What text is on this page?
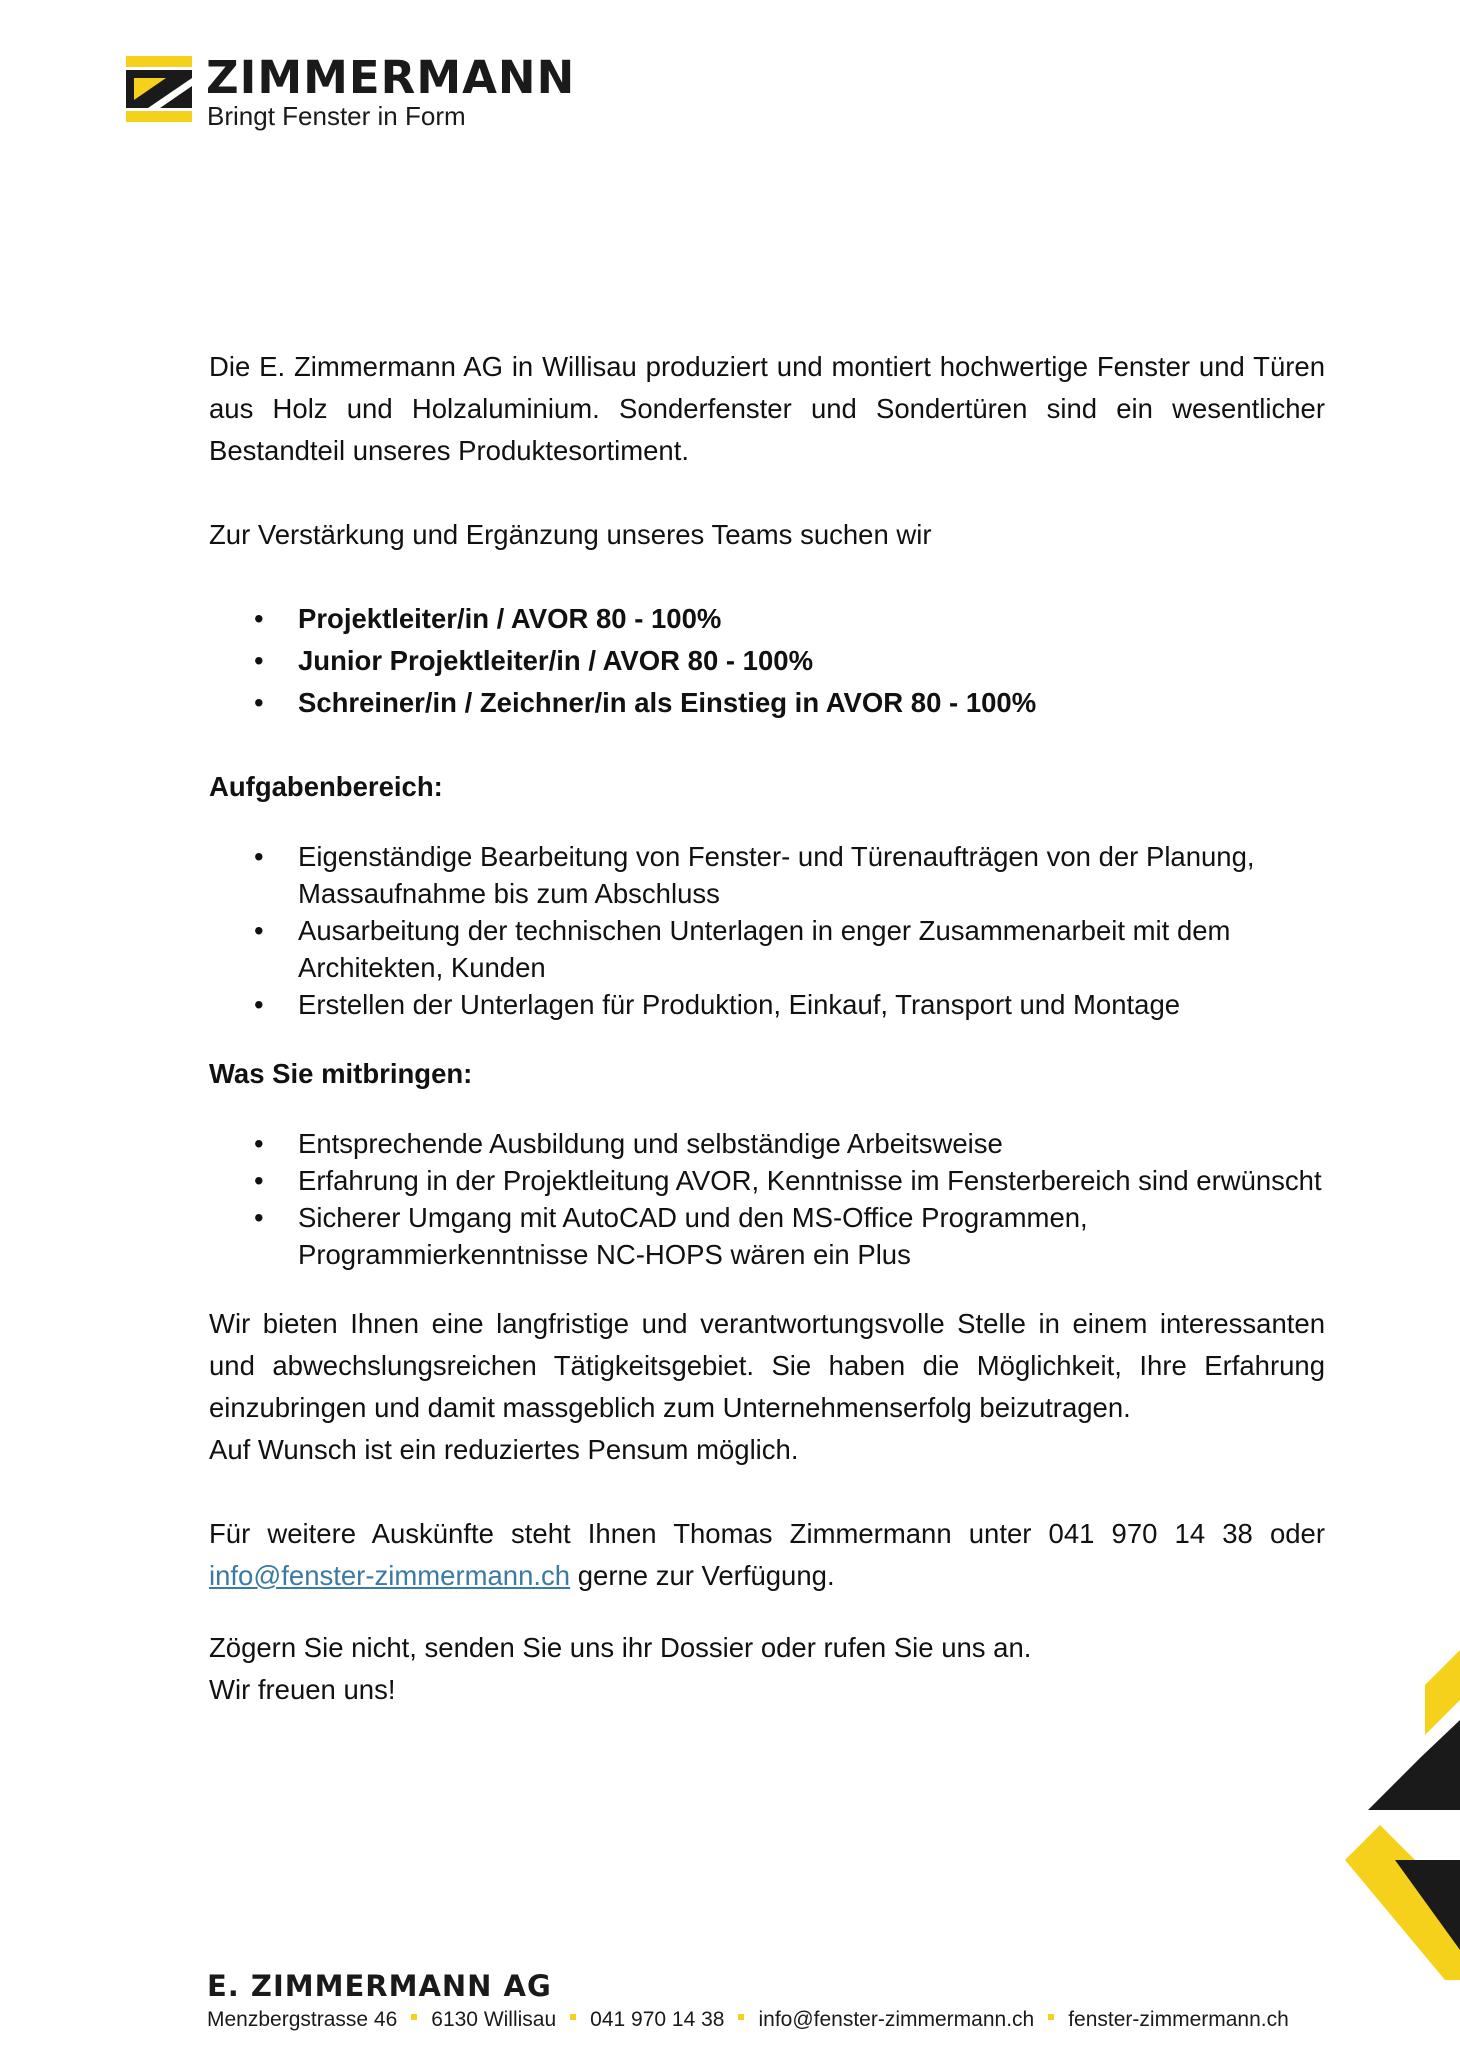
ZIMMERMANN
Bringt Fenster in Form

Die E. Zimmermann AG in Willisau produziert und montiert hochwertige Fenster und Türen aus Holz und Holzaluminium. Sonderfenster und Sondertüren sind ein wesentlicher Bestandteil unseres Produktesortiment.

Zur Verstärkung und Ergänzung unseres Teams suchen wir

• Projektleiter/in / AVOR 80 - 100%
• Junior Projektleiter/in / AVOR 80 - 100%
• Schreiner/in / Zeichner/in als Einstieg in AVOR 80 - 100%

Aufgabenbereich:

• Eigenständige Bearbeitung von Fenster- und Türenaufträgen von der Planung, Massaufnahme bis zum Abschluss
• Ausarbeitung der technischen Unterlagen in enger Zusammenarbeit mit dem Architekten, Kunden
• Erstellen der Unterlagen für Produktion, Einkauf, Transport und Montage

Was Sie mitbringen:

• Entsprechende Ausbildung und selbständige Arbeitsweise
• Erfahrung in der Projektleitung AVOR, Kenntnisse im Fensterbereich sind erwünscht
• Sicherer Umgang mit AutoCAD und den MS-Office Programmen, Programmierkenntnisse NC-HOPS wären ein Plus

Wir bieten Ihnen eine langfristige und verantwortungsvolle Stelle in einem interessanten und abwechslungsreichen Tätigkeitsgebiet. Sie haben die Möglichkeit, Ihre Erfahrung einzubringen und damit massgeblich zum Unternehmenserfolg beizutragen.

Auf Wunsch ist ein reduziertes Pensum möglich.

Für weitere Auskünfte steht Ihnen Thomas Zimmermann unter 041 970 14 38 oder info@fenster-zimmermann.ch gerne zur Verfügung.

Zögern Sie nicht, senden Sie uns ihr Dossier oder rufen Sie uns an.

Wir freuen uns!

E. ZIMMERMANN AG
Menzbergstrasse 46 6130 Willisau 041 970 14 38 info@fenster-zimmermann.ch fenster-zimmermann.ch
